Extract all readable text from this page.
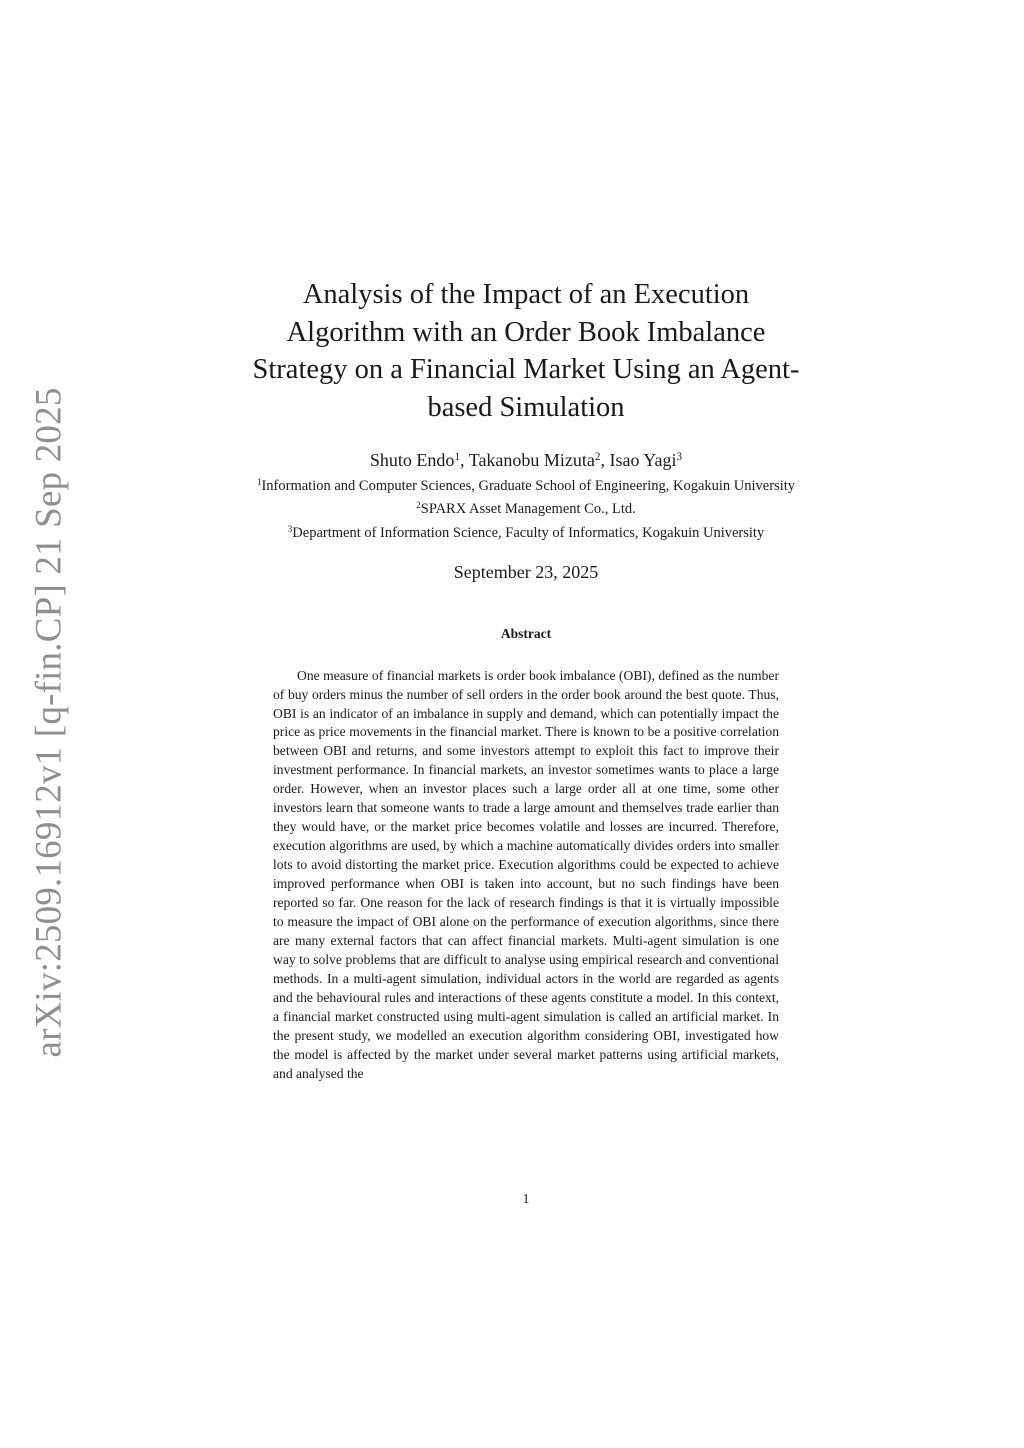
arXiv:2509.16912v1 [q-fin.CP] 21 Sep 2025
Analysis of the Impact of an Execution Algorithm with an Order Book Imbalance Strategy on a Financial Market Using an Agent-based Simulation
Shuto Endo$^1$, Takanobu Mizuta$^2$, Isao Yagi$^3$
$^1$Information and Computer Sciences, Graduate School of Engineering, Kogakuin University
$^2$SPARX Asset Management Co., Ltd.
$^3$Department of Information Science, Faculty of Informatics, Kogakuin University
September 23, 2025
Abstract

One measure of financial markets is order book imbalance (OBI), defined as the number of buy orders minus the number of sell orders in the order book around the best quote. Thus, OBI is an indicator of an imbalance in supply and demand, which can potentially impact the price as price movements in the financial market. There is known to be a positive correlation between OBI and returns, and some investors attempt to exploit this fact to improve their investment performance. In financial markets, an investor sometimes wants to place a large order. However, when an investor places such a large order all at one time, some other investors learn that someone wants to trade a large amount and themselves trade earlier than they would have, or the market price becomes volatile and losses are incurred. Therefore, execution algorithms are used, by which a machine automatically divides orders into smaller lots to avoid distorting the market price. Execution algorithms could be expected to achieve improved performance when OBI is taken into account, but no such findings have been reported so far. One reason for the lack of research findings is that it is virtually impossible to measure the impact of OBI alone on the performance of execution algorithms, since there are many external factors that can affect financial markets. Multi-agent simulation is one way to solve problems that are difficult to analyse using empirical research and conventional methods. In a multi-agent simulation, individual actors in the world are regarded as agents and the behavioural rules and interactions of these agents constitute a model. In this context, a financial market constructed using multi-agent simulation is called an artificial market. In the present study, we modelled an execution algorithm considering OBI, investigated how the model is affected by the market under several market patterns using artificial markets, and analysed the

1
